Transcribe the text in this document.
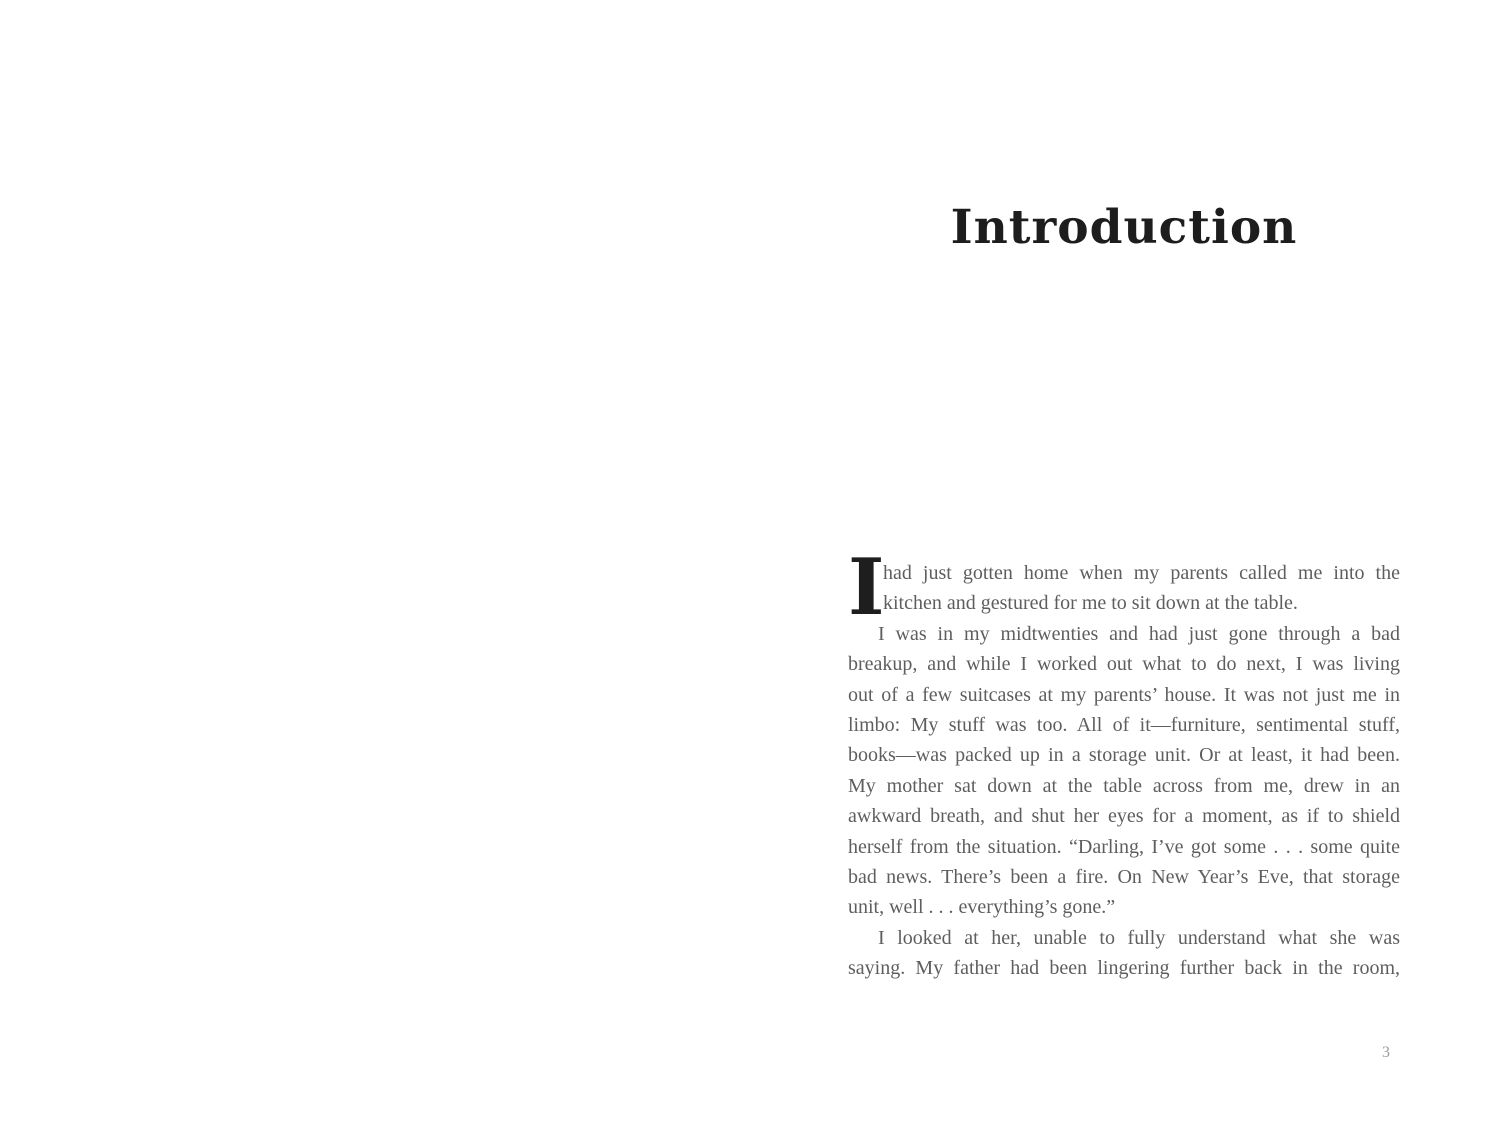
Introduction
I
had just gotten home when my parents called me into the
kitchen and gestured for me to sit down at the table.
I was in my midtwenties and had just gone through a bad
breakup, and while I worked out what to do next, I was living
out of a few suitcases at my parents’ house. It was not just me in
limbo: My stuff was too. All of it—furniture, sentimental stuff,
books—was packed up in a storage unit. Or at least, it had been.
My mother sat down at the table across from me, drew in an
awkward breath, and shut her eyes for a moment, as if to shield
herself from the situation. “Darling, I’ve got some . . . some quite
bad news. There’s been a fire. On New Year’s Eve, that storage
unit, well . . . everything’s gone.”
I looked at her, unable to fully understand what she was
saying. My father had been lingering further back in the room,
3
